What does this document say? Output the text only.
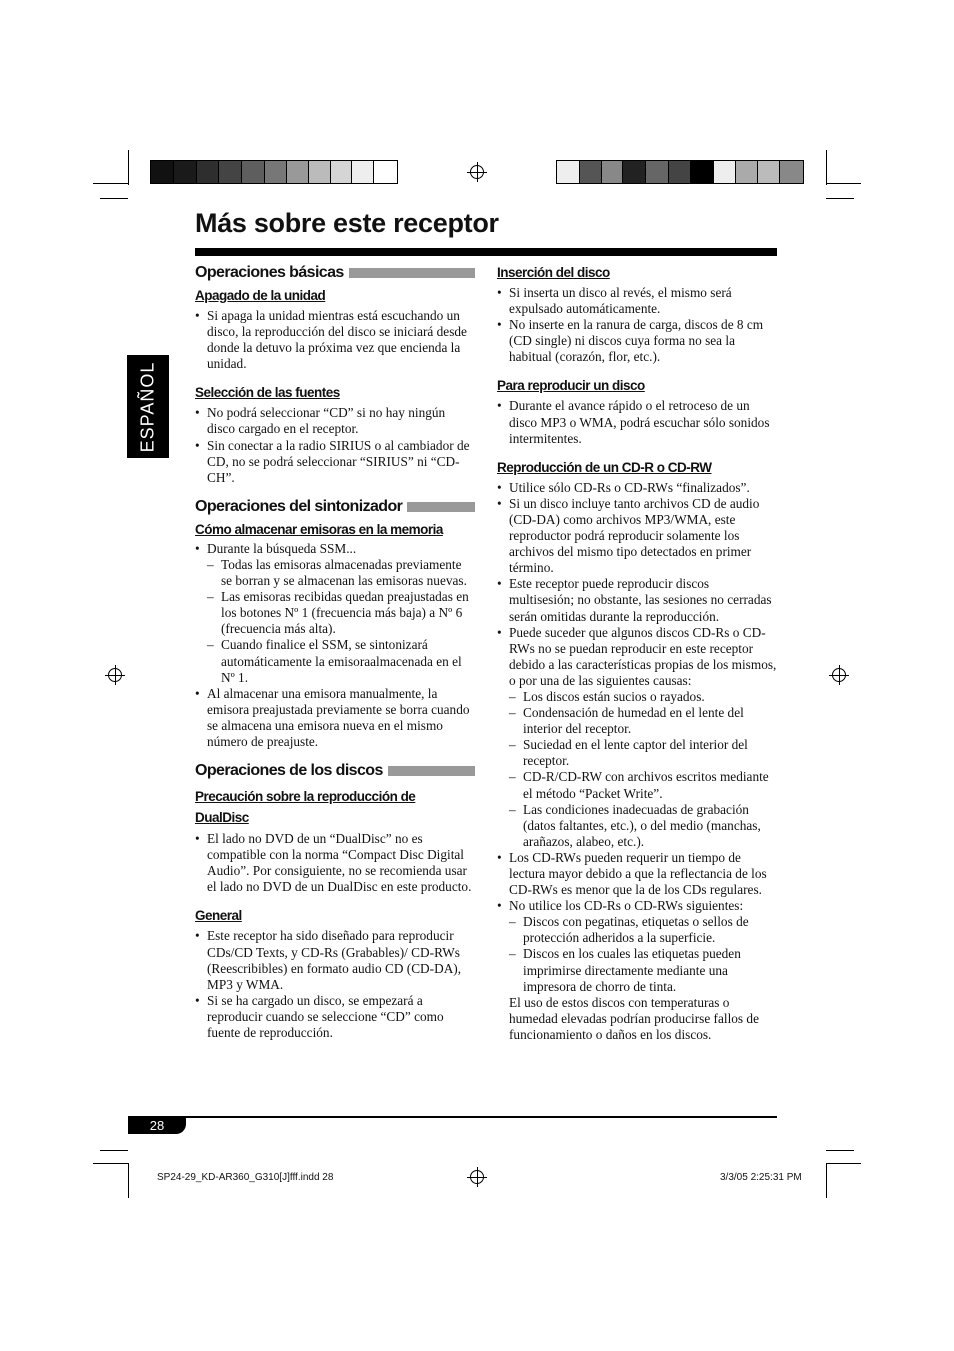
Más sobre este receptor
ESPAÑOL
Operaciones básicas

Apagado de la unidad

• Si apaga la unidad mientras está escuchando un disco, la reproducción del disco se iniciará desde donde la detuvo la próxima vez que encienda la unidad.

Selección de las fuentes

• No podrá seleccionar “CD” si no hay ningún disco cargado en el receptor.
• Sin conectar a la radio SIRIUS o al cambiador de CD, no se podrá seleccionar “SIRIUS” ni “CD-CH”.
Operaciones del sintonizador

Cómo almacenar emisoras en la memoria

• Durante la búsqueda SSM...
– Todas las emisoras almacenadas previamente se borran y se almacenan las emisoras nuevas.
– Las emisoras recibidas quedan preajustadas en los botones Nº 1 (frecuencia más baja) a Nº 6 (frecuencia más alta).
– Cuando finalice el SSM, se sintonizará automáticamente la emisoraalmacenada en el Nº 1.
• Al almacenar una emisora manualmente, la emisora preajustada previamente se borra cuando se almacena una emisora nueva en el mismo número de preajuste.
Operaciones de los discos

Precaución sobre la reproducción de DualDisc

• El lado no DVD de un “DualDisc” no es compatible con la norma “Compact Disc Digital Audio”. Por consiguiente, no se recomienda usar el lado no DVD de un DualDisc en este producto.

General

• Este receptor ha sido diseñado para reproducir CDs/CD Texts, y CD-Rs (Grabables)/ CD-RWs (Reescribibles) en formato audio CD (CD-DA), MP3 y WMA.
• Si se ha cargado un disco, se empezará a reproducir cuando se seleccione “CD” como fuente de reproducción.

Inserción del disco

• Si inserta un disco al revés, el mismo será expulsado automáticamente.
• No inserte en la ranura de carga, discos de 8 cm (CD single) ni discos cuya forma no sea la habitual (corazón, flor, etc.).

Para reproducir un disco

• Durante el avance rápido o el retroceso de un disco MP3 o WMA, podrá escuchar sólo sonidos intermitentes.

Reproducción de un CD-R o CD-RW

• Utilice sólo CD-Rs o CD-RWs “finalizados”.
• Si un disco incluye tanto archivos CD de audio (CD-DA) como archivos MP3/WMA, este reproductor podrá reproducir solamente los archivos del mismo tipo detectados en primer término.
• Este receptor puede reproducir discos multisesión; no obstante, las sesiones no cerradas serán omitidas durante la reproducción.
• Puede suceder que algunos discos CD-Rs o CD-RWs no se puedan reproducir en este receptor debido a las características propias de los mismos, o por una de las siguientes causas:
– Los discos están sucios o rayados.
– Condensación de humedad en el lente del interior del receptor.
– Suciedad en el lente captor del interior del receptor.
– CD-R/CD-RW con archivos escritos mediante el método “Packet Write”.
– Las condiciones inadecuadas de grabación (datos faltantes, etc.), o del medio (manchas, arañazos, alabeo, etc.).
• Los CD-RWs pueden requerir un tiempo de lectura mayor debido a que la reflectancia de los CD-RWs es menor que la de los CDs regulares.
• No utilice los CD-Rs o CD-RWs siguientes:
– Discos con pegatinas, etiquetas o sellos de protección adheridos a la superficie.
– Discos en los cuales las etiquetas pueden imprimirse directamente mediante una impresora de chorro de tinta.
El uso de estos discos con temperaturas o humedad elevadas podrían producirse fallos de funcionamiento o daños en los discos.
28
SP24-29_KD-AR360_G310[J]fff.indd 28	3/3/05 2:25:31 PM
